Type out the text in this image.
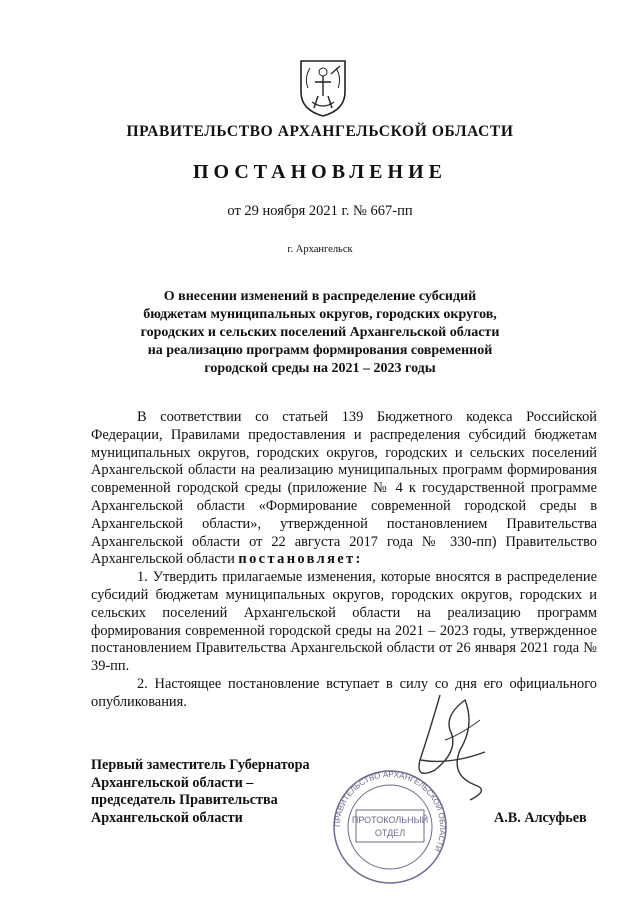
ПРАВИТЕЛЬСТВО АРХАНГЕЛЬСКОЙ ОБЛАСТИ
ПОСТАНОВЛЕНИЕ
от 29 ноября 2021 г. № 667-пп
г. Архангельск
О внесении изменений в распределение субсидий
бюджетам муниципальных округов, городских округов,
городских и сельских поселений Архангельской области
на реализацию программ формирования современной
городской среды на 2021 – 2023 годы

В соответствии со статьей 139 Бюджетного кодекса Российской Федерации, Правилами предоставления и распределения субсидий бюджетам муниципальных округов, городских округов, городских и сельских поселений Архангельской области на реализацию муниципальных программ формирования современной городской среды (приложение № 4 к государственной программе Архангельской области «Формирование современной городской среды в Архангельской области», утвержденной постановлением Правительства Архангельской области от 22 августа 2017 года № 330-пп) Правительство Архангельской области постановляет:

1. Утвердить прилагаемые изменения, которые вносятся в распределение субсидий бюджетам муниципальных округов, городских округов, городских и сельских поселений Архангельской области на реализацию программ формирования современной городской среды на 2021 – 2023 годы, утвержденное постановлением Правительства Архангельской области от 26 января 2021 года № 39-пп.

2. Настоящее постановление вступает в силу со дня его официального опубликования.

Первый заместитель Губернатора
Архангельской области –
председатель Правительства
Архангельской области	А.В. Алсуфьев
ПРАВИТЕЛЬСТВО АРХАНГЕЛЬСКОЙ ОБЛАСТИ
ПРОТОКОЛЬНЫЙ
ОТДЕЛ
